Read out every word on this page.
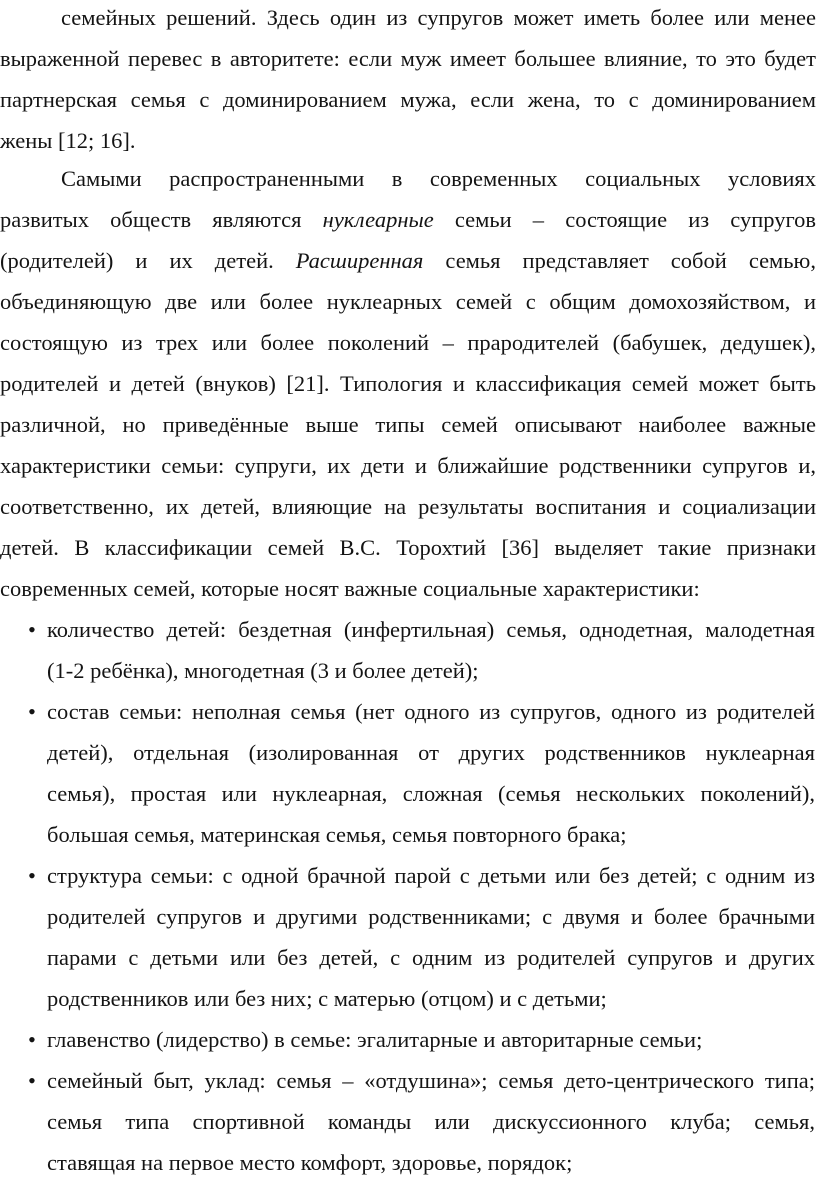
семейных решений. Здесь один из супругов может иметь более или менее
выраженной перевес в авторитете: если муж имеет большее влияние, то это будет
партнерская семья с доминированием мужа, если жена, то с доминированием
жены [12; 16].
Самыми распространенными в современных социальных условиях
развитых обществ являются нуклеарные семьи – состоящие из супругов
(родителей) и их детей. Расширенная семья представляет собой семью,
объединяющую две или более нуклеарных семей с общим домохозяйством, и
состоящую из трех или более поколений – прародителей (бабушек, дедушек),
родителей и детей (внуков) [21]. Типология и классификация семей может быть
различной, но приведённые выше типы семей описывают наиболее важные
характеристики семьи: супруги, их дети и ближайшие родственники супругов и,
соответственно, их детей, влияющие на результаты воспитания и социализации
детей. В классификации семей В.С. Торохтий [36] выделяет такие признаки
современных семей, которые носят важные социальные характеристики:
• количество детей: бездетная (инфертильная) семья, однодетная, малодетная
(1-2 ребёнка), многодетная (3 и более детей);
• состав семьи: неполная семья (нет одного из супругов, одного из родителей
детей), отдельная (изолированная от других родственников нуклеарная
семья), простая или нуклеарная, сложная (семья нескольких поколений),
большая семья, материнская семья, семья повторного брака;
• структура семьи: с одной брачной парой с детьми или без детей; с одним из
родителей супругов и другими родственниками; с двумя и более брачными
парами с детьми или без детей, с одним из родителей супругов и других
родственников или без них; с матерью (отцом) и с детьми;
• главенство (лидерство) в семье: эгалитарные и авторитарные семьи;
• семейный быт, уклад: семья – «отдушина»; семья дето-центрического типа;
семья типа спортивной команды или дискуссионного клуба; семья,
ставящая на первое место комфорт, здоровье, порядок;
